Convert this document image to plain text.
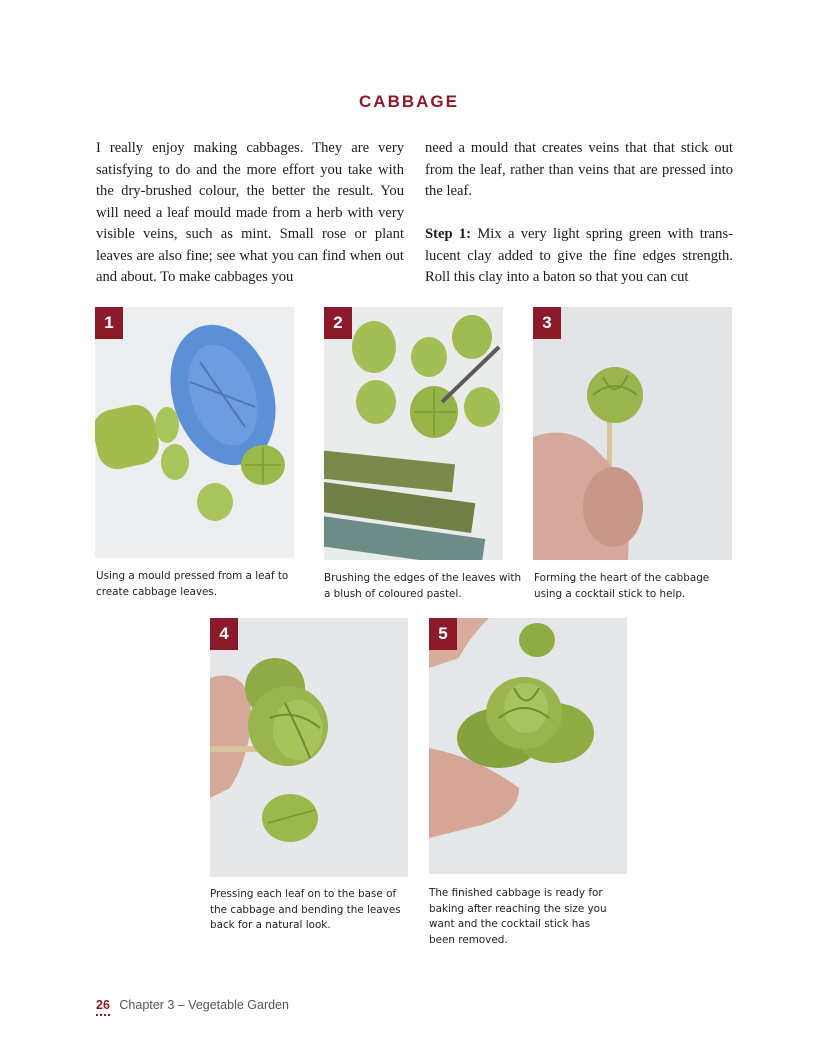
CABBAGE

I really enjoy making cabbages. They are very satisfying to do and the more effort you take with the dry-brushed colour, the better the result. You will need a leaf mould made from a herb with very visible veins, such as mint. Small rose or plant leaves are also fine; see what you can find when out and about. To make cabbages you

need a mould that creates veins that that stick out from the leaf, rather than veins that are pressed into the leaf.

Step 1: Mix a very light spring green with trans-lucent clay added to give the fine edges strength. Roll this clay into a baton so that you can cut

1
Using a mould pressed from a leaf to create cabbage leaves.
2
Brushing the edges of the leaves with a blush of coloured pastel.
3
Forming the heart of the cabbage using a cocktail stick to help.
4
Pressing each leaf on to the base of the cabbage and bending the leaves back for a natural look.
5
The finished cabbage is ready for baking after reaching the size you want and the cocktail stick has been removed.
26 Chapter 3 – Vegetable Garden
